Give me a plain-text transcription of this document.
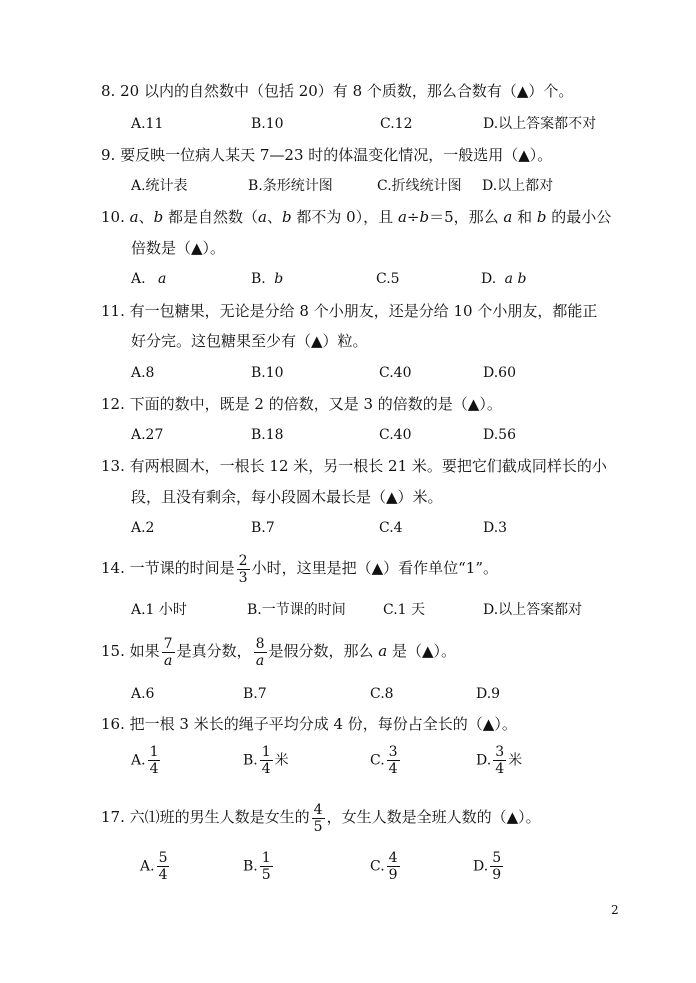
8. 20 以内的自然数中（包括 20）有 8 个质数，那么合数有（▲）个。
A.11	B.10	C.12	D.以上答案都不对
9. 要反映一位病人某天 7—23 时的体温变化情况，一般选用（▲）。
A.统计表	B.条形统计图	C.折线统计图 D.以上都对
10. a、b 都是自然数（a、b 都不为 0），且 a÷b＝5，那么 a 和 b 的最小公
倍数是（▲）。
A. a	B. b	C.5	D. a b
11. 有一包糖果，无论是分给 8 个小朋友，还是分给 10 个小朋友，都能正
好分完。这包糖果至少有（▲）粒。
A.8	B.10	C.40	D.60
12. 下面的数中，既是 2 的倍数，又是 3 的倍数的是（▲）。
A.27	B.18	C.40	D.56
13. 有两根圆木，一根长 12 米，另一根长 21 米。要把它们截成同样长的小
段，且没有剩余，每小段圆木最长是（▲）米。
A.2	B.7	C.4	D.3
14. 一节课的时间是 $\frac{2}{3}$ 小时，这里是把（▲）看作单位“1”。
A.1 小时	B.一节课的时间	C.1 天	D.以上答案都对
15. 如果 $\frac{7}{a}$ 是真分数， $\frac{8}{a}$ 是假分数，那么 a 是（▲）。
A.6	B.7	C.8	D.9
16. 把一根 3 米长的绳子平均分成 4 份，每份占全长的（▲）。
A. $\frac{1}{4}$	B. $\frac{1}{4}$ 米	C. $\frac{3}{4}$	D. $\frac{3}{4}$ 米
17. 六⑴班的男生人数是女生的 $\frac{4}{5}$ ，女生人数是全班人数的（▲）。
A. $\frac{5}{4}$	B. $\frac{1}{5}$	C. $\frac{4}{9}$	D. $\frac{5}{9}$
2
